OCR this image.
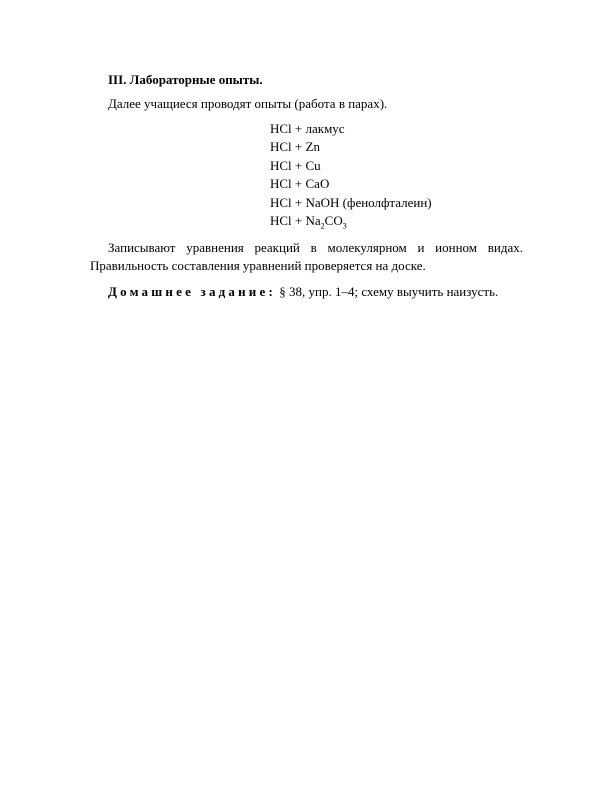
III. Лабораторные опыты.
Далее учащиеся проводят опыты (работа в парах).
HCl + лакмус
HCl + Zn
HCl + Cu
HCl + CaO
HCl + NaOH (фенолфталеин)
HCl + $Na_2CO_3$
Записывают уравнения реакций в молекулярном и ионном видах.
Правильность составления уравнений проверяется на доске.
Домашнее задание: § 38, упр. 1–4; схему выучить наизусть.
